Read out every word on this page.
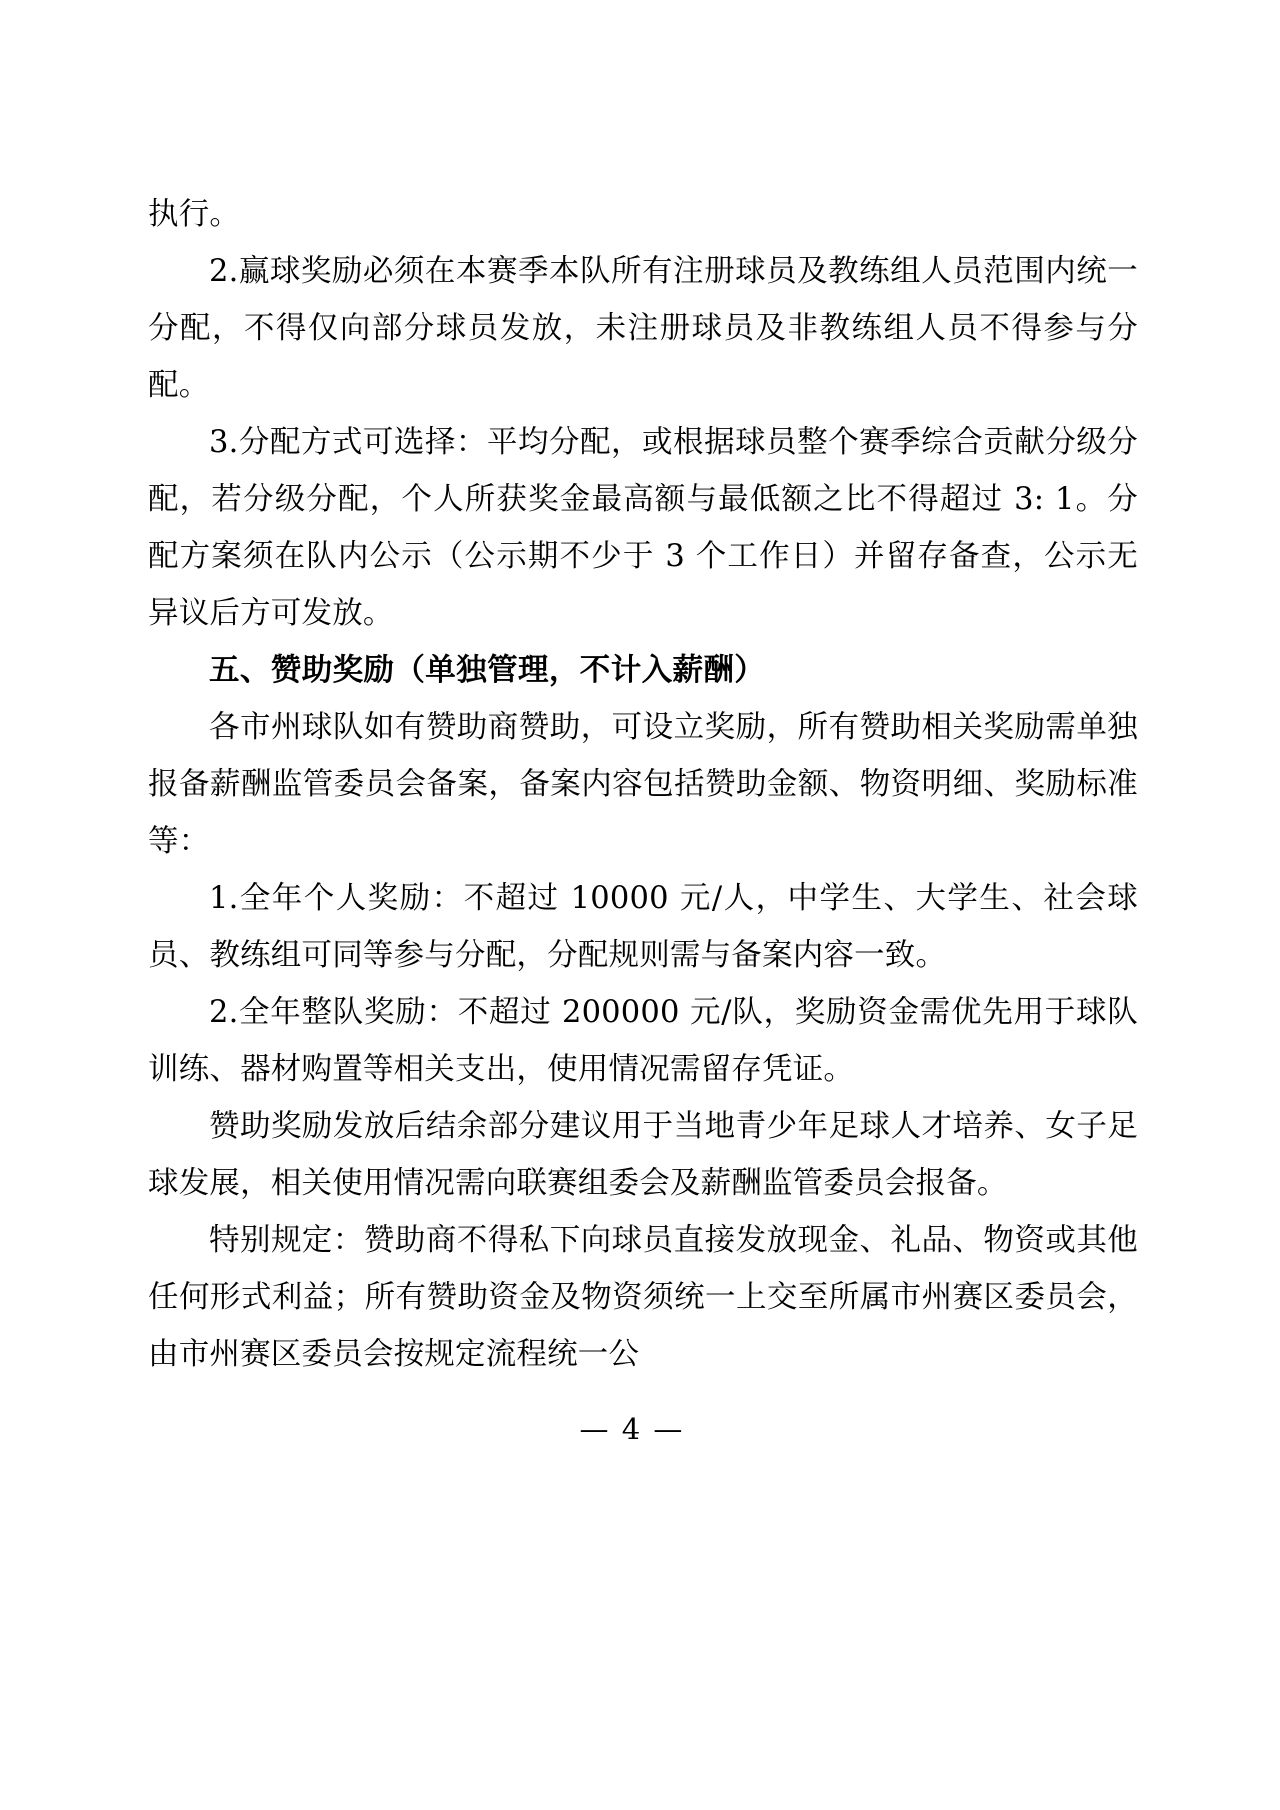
执行。

2.赢球奖励必须在本赛季本队所有注册球员及教练组人员范围内统一分配，不得仅向部分球员发放，未注册球员及非教练组人员不得参与分配。

3.分配方式可选择：平均分配，或根据球员整个赛季综合贡献分级分配，若分级分配，个人所获奖金最高额与最低额之比不得超过 3: 1。分配方案须在队内公示（公示期不少于 3 个工作日）并留存备查，公示无异议后方可发放。

五、赞助奖励（单独管理，不计入薪酬）

各市州球队如有赞助商赞助，可设立奖励，所有赞助相关奖励需单独报备薪酬监管委员会备案，备案内容包括赞助金额、物资明细、奖励标准等：

1.全年个人奖励：不超过 10000 元/人，中学生、大学生、社会球员、教练组可同等参与分配，分配规则需与备案内容一致。

2.全年整队奖励：不超过 200000 元/队，奖励资金需优先用于球队训练、器材购置等相关支出，使用情况需留存凭证。

赞助奖励发放后结余部分建议用于当地青少年足球人才培养、女子足球发展，相关使用情况需向联赛组委会及薪酬监管委员会报备。

特别规定：赞助商不得私下向球员直接发放现金、礼品、物资或其他任何形式利益；所有赞助资金及物资须统一上交至所属市州赛区委员会，由市州赛区委员会按规定流程统一公

— 4 —
